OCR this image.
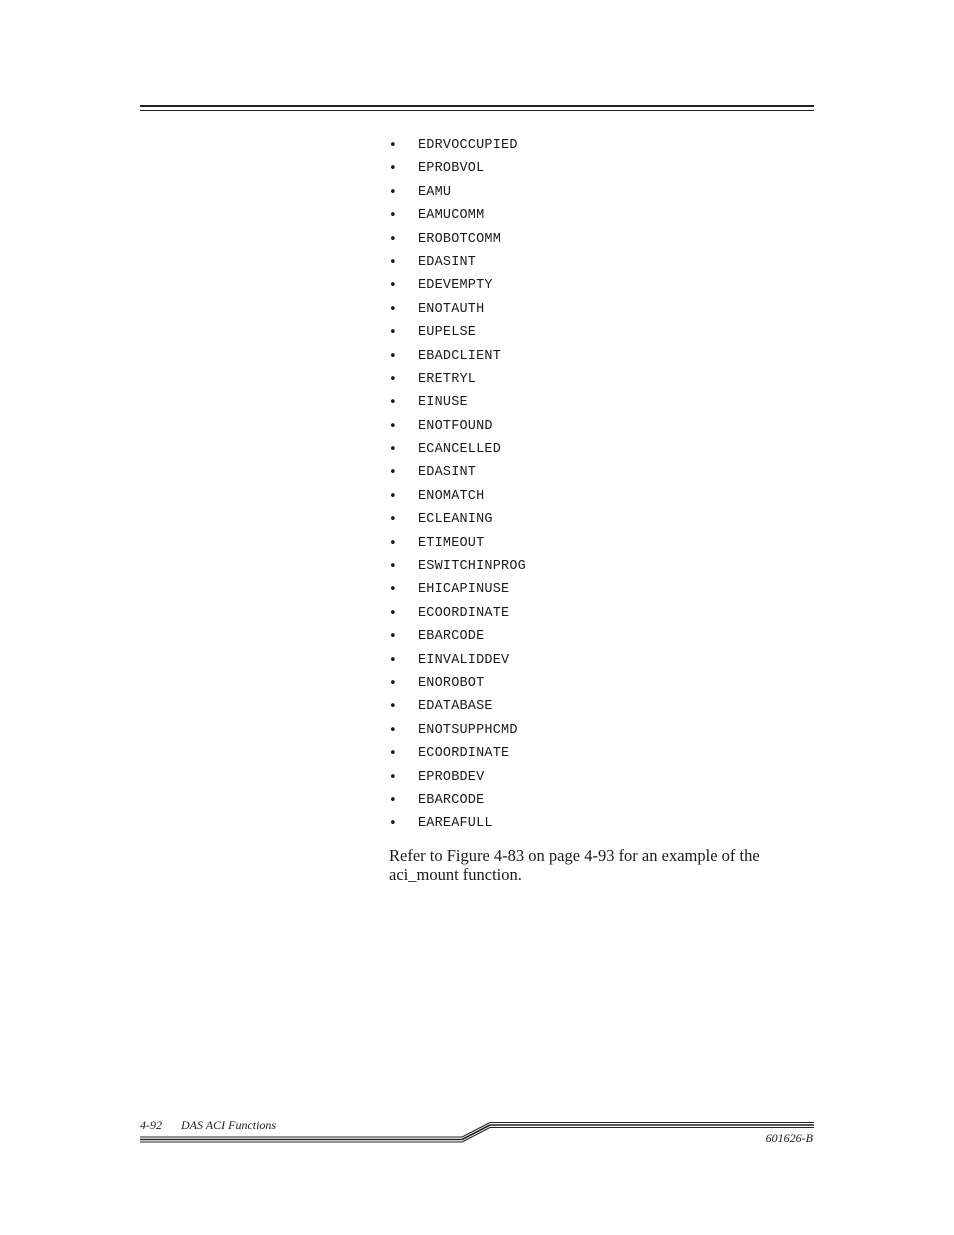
•	EDRVOCCUPIED
•	EPROBVOL
•	EAMU
•	EAMUCOMM
•	EROBOTCOMM
•	EDASINT
•	EDEVEMPTY
•	ENOTAUTH
•	EUPELSE
•	EBADCLIENT
•	ERETRYL
•	EINUSE
•	ENOTFOUND
•	ECANCELLED
•	EDASINT
•	ENOMATCH
•	ECLEANING
•	ETIMEOUT
•	ESWITCHINPROG
•	EHICAPINUSE
•	ECOORDINATE
•	EBARCODE
•	EINVALIDDEV
•	ENOROBOT
•	EDATABASE
•	ENOTSUPPHCMD
•	ECOORDINATE
•	EPROBDEV
•	EBARCODE
•	EAREAFULL

Refer to Figure 4-83 on page 4-93 for an example of the aci_mount function.

4-92 DAS ACI Functions
601626-B
